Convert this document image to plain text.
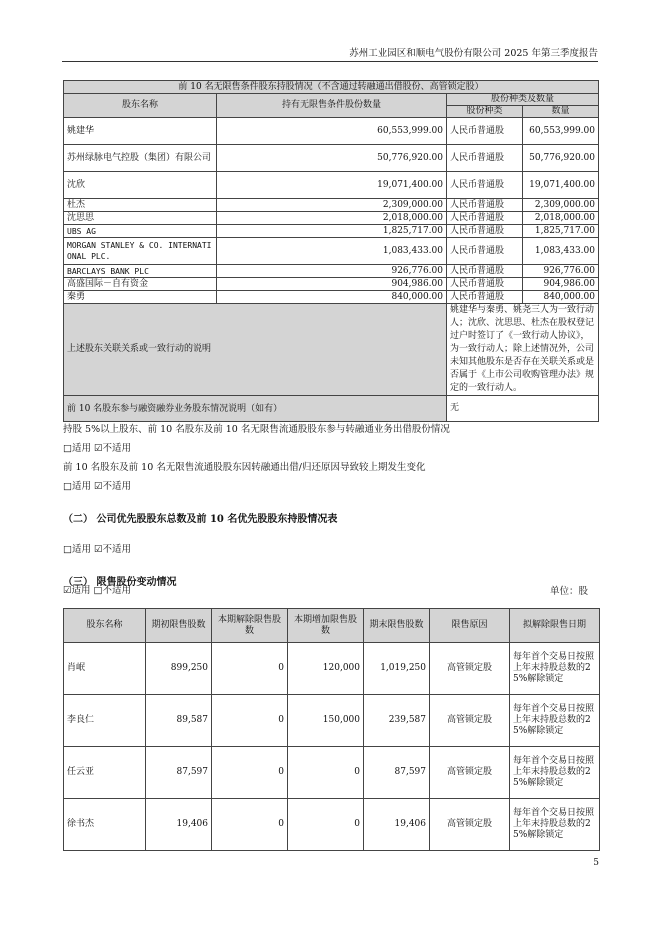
苏州工业园区和顺电气股份有限公司 2025 年第三季度报告
前 10 名无限售条件股东持股情况（不含通过转融通出借股份、高管锁定股）			
股东名称	持有无限售条件股份数量	股份种类及数量	
		股份种类	数量
姚建华	60,553,999.00	人民币普通股	60,553,999.00
苏州绿脉电气控股（集团）有限公司	50,776,920.00	人民币普通股	50,776,920.00
沈欣	19,071,400.00	人民币普通股	19,071,400.00
杜杰	2,309,000.00	人民币普通股	2,309,000.00
沈思思	2,018,000.00	人民币普通股	2,018,000.00
UBS AG	1,825,717.00	人民币普通股	1,825,717.00
MORGAN STANLEY & CO. INTERNATIONAL PLC.	1,083,433.00	人民币普通股	1,083,433.00
BARCLAYS BANK PLC	926,776.00	人民币普通股	926,776.00
高盛国际－自有资金	904,986.00	人民币普通股	904,986.00
秦勇	840,000.00	人民币普通股	840,000.00
上述股东关联关系或一致行动的说明		姚建华与秦勇、姚尧三人为一致行动人；沈欣、沈思思、杜杰在股权登记过户时签订了《一致行动人协议》，为一致行动人；除上述情况外，公司未知其他股东是否存在关联关系或是否属于《上市公司收购管理办法》规定的一致行动人。	
前 10 名股东参与融资融券业务股东情况说明（如有）		无	
持股 5%以上股东、前 10 名股东及前 10 名无限售流通股股东参与转融通业务出借股份情况
□适用 ☑不适用
前 10 名股东及前 10 名无限售流通股股东因转融通出借/归还原因导致较上期发生变化
□适用 ☑不适用
（二） 公司优先股股东总数及前 10 名优先股股东持股情况表
□适用 ☑不适用
（三） 限售股份变动情况
单位：股
股东名称	期初限售股数	本期解除限售股数	本期增加限售股数	期末限售股数	限售原因	拟解除限售日期
肖岷	899,250	0	120,000	1,019,250	高管锁定股	每年首个交易日按照上年末持股总数的25%解除锁定
李良仁	89,587	0	150,000	239,587	高管锁定股	每年首个交易日按照上年末持股总数的25%解除锁定
任云亚	87,597	0	0	87,597	高管锁定股	每年首个交易日按照上年末持股总数的25%解除锁定
徐书杰	19,406	0	0	19,406	高管锁定股	每年首个交易日按照上年末持股总数的25%解除锁定
5
☑适用 □不适用
